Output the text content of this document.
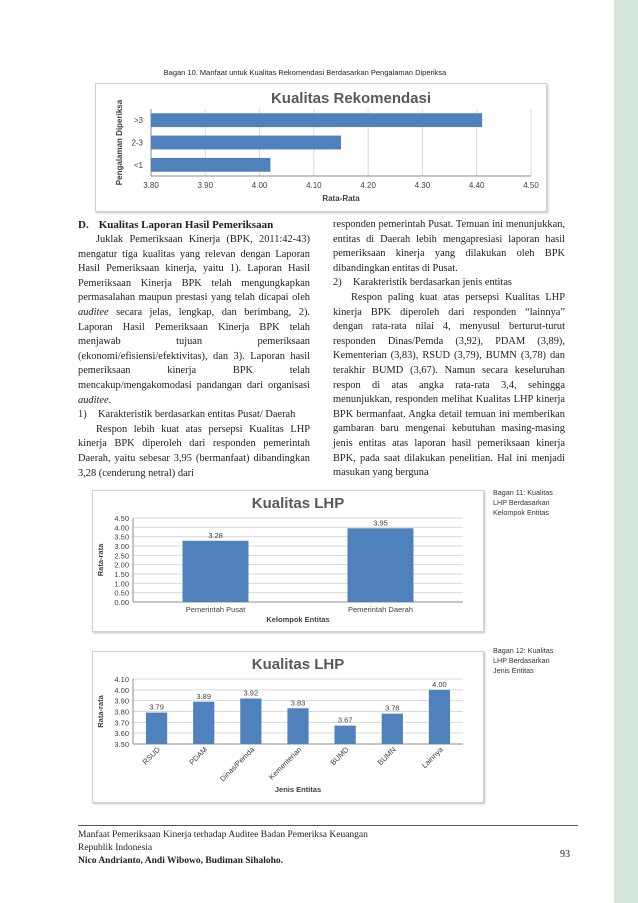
Bagan 10. Manfaat untuk Kualitas Rekomendasi Berdasarkan Pengalaman Diperiksa
Kualitas Rekomendasi
3.80	3.90	4.00	4.10	4.20	4.30	4.40	4.50
>3
2-3
<1
Rata-Rata
Pengalaman Diperiksa

D. Kualitas Laporan Hasil Pemeriksaan

Juklak Pemeriksaan Kinerja (BPK, 2011:42-43) mengatur tiga kualitas yang relevan dengan Laporan Hasil Pemeriksaan kinerja, yaitu 1). Laporan Hasil Pemeriksaan Kinerja BPK telah mengungkapkan permasalahan maupun prestasi yang telah dicapai oleh auditee secara jelas, lengkap, dan berimbang, 2). Laporan Hasil Pemeriksaan Kinerja BPK telah menjawab tujuan pemeriksaan (ekonomi/efisiensi/efektivitas), dan 3). Laporan hasil pemeriksaan kinerja BPK telah mencakup/mengakomodasi pandangan dari organisasi auditee.

1)	Karakteristik berdasarkan entitas Pusat/ Daerah

Respon lebih kuat atas persepsi Kualitas LHP kinerja BPK diperoleh dari responden pemerintah Daerah, yaitu sebesar 3,95 (bermanfaat) dibandingkan 3,28 (cenderung netral) dari

responden pemerintah Pusat. Temuan ini menunjukkan, entitas di Daerah lebih mengapresiasi laporan hasil pemeriksaan kinerja yang dilakukan oleh BPK dibandingkan entitas di Pusat.

2)	Karakteristik berdasarkan jenis entitas

Respon paling kuat atas persepsi Kualitas LHP kinerja BPK diperoleh dari responden “lainnya” dengan rata-rata nilai 4, menyusul berturut-turut responden Dinas/Pemda (3,92), PDAM (3,89), Kementerian (3,83), RSUD (3,79), BUMN (3,78) dan terakhir BUMD (3,67). Namun secara keseluruhan respon di atas angka rata-rata 3,4, sehingga menunjukkan, responden melihat Kualitas LHP kinerja BPK bermanfaat. Angka detail temuan ini memberikan gambaran baru mengenai kebutuhan masing-masing jenis entitas atas laporan hasil pemeriksaan kinerja BPK, pada saat dilakukan penelitian. Hal ini menjadi masukan yang berguna

Kualitas LHP
0.00
0.50
1.00
1.50
2.00
2.50
3.00
3.50
4.00
4.50
3.28
Pemerintah Pusat
3.95
Pemerintah Daerah
Kelompok Entitas
Rata-rata
Bagan 11: Kualitas LHP Berdasarkan Kelompok Entitas
Kualitas LHP
3.50
3.60
3.70
3.80
3.90
4.00
4.10
3.79
RSUD
3.89
PDAM
3.92
Dinas/Pemda
3.83
Kementerian
3.67
BUMD
3.78
BUMN
4.00
Lainnya
Jenis Entitas
Rata-rata
Bagan 12: Kualitas LHP Berdasarkan Jenis Entitas
Manfaat Pemeriksaan Kinerja terhadap Auditee Badan Pemeriksa Keuangan
Republik Indonesia
Nico Andrianto, Andi Wibowo, Budiman Sihaloho.
93
